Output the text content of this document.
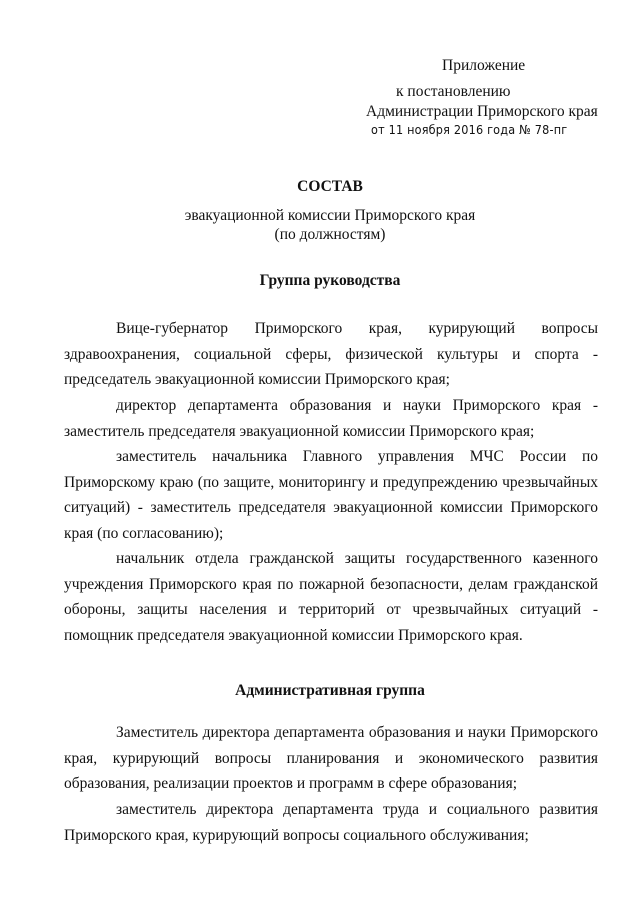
Приложение
к постановлению
Администрации Приморского края
от 11 ноября 2016 года № 78-пг
СОСТАВ
эвакуационной комиссии Приморского края
(по должностям)
Группа руководства

Вице-губернатор Приморского края, курирующий вопросы здравоохранения, социальной сферы, физической культуры и спорта - председатель эвакуационной комиссии Приморского края;

директор департамента образования и науки Приморского края - заместитель председателя эвакуационной комиссии Приморского края;

заместитель начальника Главного управления МЧС России по Приморскому краю (по защите, мониторингу и предупреждению чрезвычайных ситуаций) - заместитель председателя эвакуационной комиссии Приморского края (по согласованию);

начальник отдела гражданской защиты государственного казенного учреждения Приморского края по пожарной безопасности, делам гражданской обороны, защиты населения и территорий от чрезвычайных ситуаций - помощник председателя эвакуационной комиссии Приморского края.

Административная группа

Заместитель директора департамента образования и науки Приморского края, курирующий вопросы планирования и экономического развития образования, реализации проектов и программ в сфере образования;

заместитель директора департамента труда и социального развития Приморского края, курирующий вопросы социального обслуживания;
